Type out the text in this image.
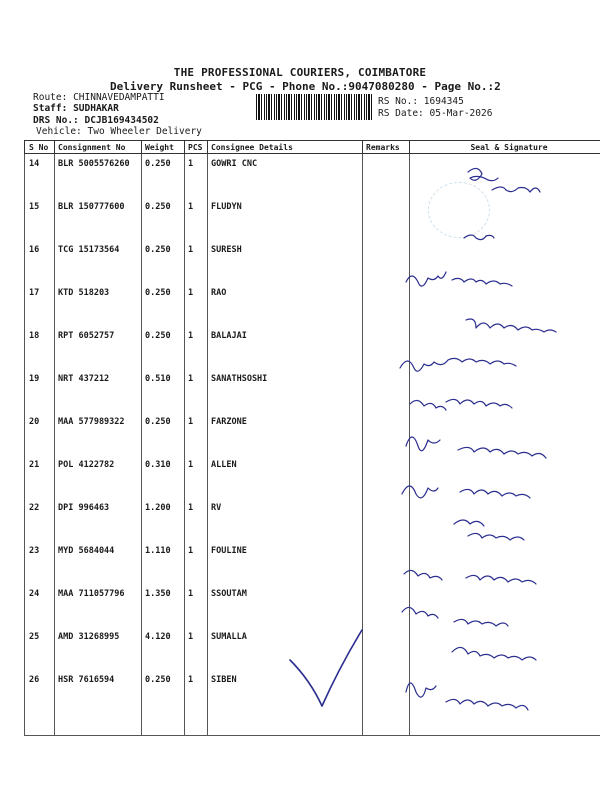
THE PROFESSIONAL COURIERS, COIMBATORE
Delivery Runsheet - PCG - Phone No.:9047080280 - Page No.:2
Route: CHINNAVEDAMPATTI
Staff: SUDHAKAR
DRS No.: DCJB169434502
Vehicle: Two Wheeler Delivery
RS No.: 1694345
RS Date: 05-Mar-2026
S No	Consignment No	Weight	PCS	Consignee Details	Remarks	Seal & Signature
14	BLR 5005576260	0.250	1	GOWRI CNC		
15	BLR 150777600	0.250	1	FLUDYN		
16	TCG 15173564	0.250	1	SURESH		
17	KTD 518203	0.250	1	RAO		
18	RPT 6052757	0.250	1	BALAJAI		
19	NRT 437212	0.510	1	SANATHSOSHI		
20	MAA 577989322	0.250	1	FARZONE		
21	POL 4122782	0.310	1	ALLEN		
22	DPI 996463	1.200	1	RV		
23	MYD 5684044	1.110	1	FOULINE		
24	MAA 711057796	1.350	1	SSOUTAM		
25	AMD 31268995	4.120	1	SUMALLA		
26	HSR 7616594	0.250	1	SIBEN		
